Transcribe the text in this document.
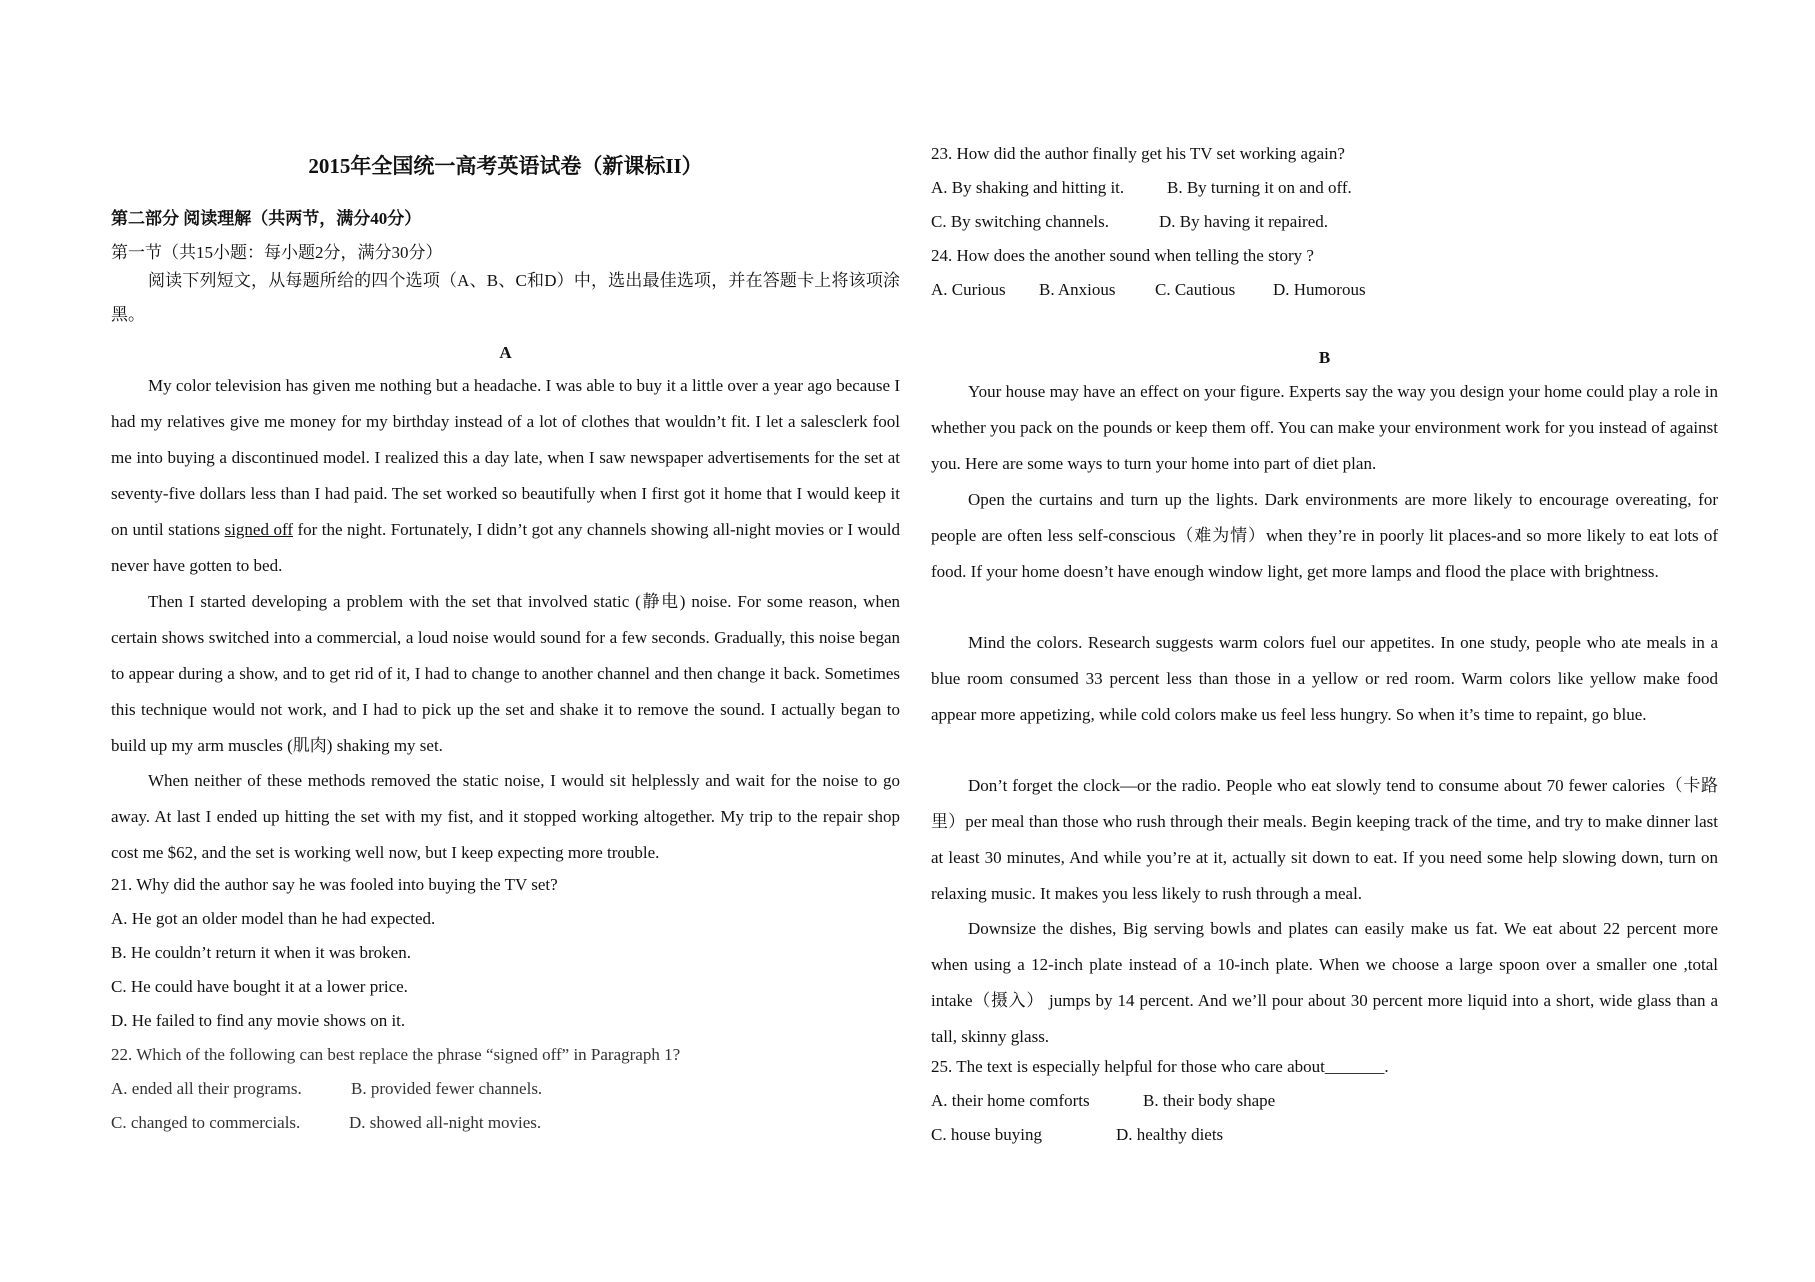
2015年全国统一高考英语试卷（新课标II）
第二部分 阅读理解（共两节，满分40分）
第一节（共15小题：每小题2分，满分30分）
阅读下列短文，从每题所给的四个选项（A、B、C和D）中，选出最佳选项，并在答题卡上将该项涂黑。
A
My color television has given me nothing but a headache. I was able to buy it a little over a year ago because I had my relatives give me money for my birthday instead of a lot of clothes that wouldn’t fit. I let a salesclerk fool me into buying a discontinued model. I realized this a day late, when I saw newspaper advertisements for the set at seventy-five dollars less than I had paid. The set worked so beautifully when I first got it home that I would keep it on until stations signed off for the night. Fortunately, I didn’t got any channels showing all-night movies or I would never have gotten to bed.
Then I started developing a problem with the set that involved static (静电) noise. For some reason, when certain shows switched into a commercial, a loud noise would sound for a few seconds. Gradually, this noise began to appear during a show, and to get rid of it, I had to change to another channel and then change it back. Sometimes this technique would not work, and I had to pick up the set and shake it to remove the sound. I actually began to build up my arm muscles (肌肉) shaking my set.
When neither of these methods removed the static noise, I would sit helplessly and wait for the noise to go away. At last I ended up hitting the set with my fist, and it stopped working altogether. My trip to the repair shop cost me $62, and the set is working well now, but I keep expecting more trouble.
21. Why did the author say he was fooled into buying the TV set?
A. He got an older model than he had expected.
B. He couldn’t return it when it was broken.
C. He could have bought it at a lower price.
D. He failed to find any movie shows on it.
22. Which of the following can best replace the phrase “signed off” in Paragraph 1?
A. ended all their programs.	B. provided fewer channels.
C. changed to commercials.	D. showed all-night movies.
23. How did the author finally get his TV set working again?
A. By shaking and hitting it.	B. By turning it on and off.
C. By switching channels.	D. By having it repaired.
24. How does the another sound when telling the story ?
A. Curious B. Anxious C. Cautious D. Humorous
B
Your house may have an effect on your figure. Experts say the way you design your home could play a role in whether you pack on the pounds or keep them off. You can make your environment work for you instead of against you. Here are some ways to turn your home into part of diet plan.
Open the curtains and turn up the lights. Dark environments are more likely to encourage overeating, for people are often less self-conscious（难为情）when they’re in poorly lit places-and so more likely to eat lots of food. If your home doesn’t have enough window light, get more lamps and flood the place with brightness.
Mind the colors. Research suggests warm colors fuel our appetites. In one study, people who ate meals in a blue room consumed 33 percent less than those in a yellow or red room. Warm colors like yellow make food appear more appetizing, while cold colors make us feel less hungry. So when it’s time to repaint, go blue.
Don’t forget the clock—or the radio. People who eat slowly tend to consume about 70 fewer calories（卡路里）per meal than those who rush through their meals. Begin keeping track of the time, and try to make dinner last at least 30 minutes, And while you’re at it, actually sit down to eat. If you need some help slowing down, turn on relaxing music. It makes you less likely to rush through a meal.
Downsize the dishes, Big serving bowls and plates can easily make us fat. We eat about 22 percent more when using a 12-inch plate instead of a 10-inch plate. When we choose a large spoon over a smaller one ,total intake（摄入） jumps by 14 percent. And we’ll pour about 30 percent more liquid into a short, wide glass than a tall, skinny glass.
25. The text is especially helpful for those who care about_______.
A. their home comforts	B. their body shape
C. house buying	D. healthy diets
